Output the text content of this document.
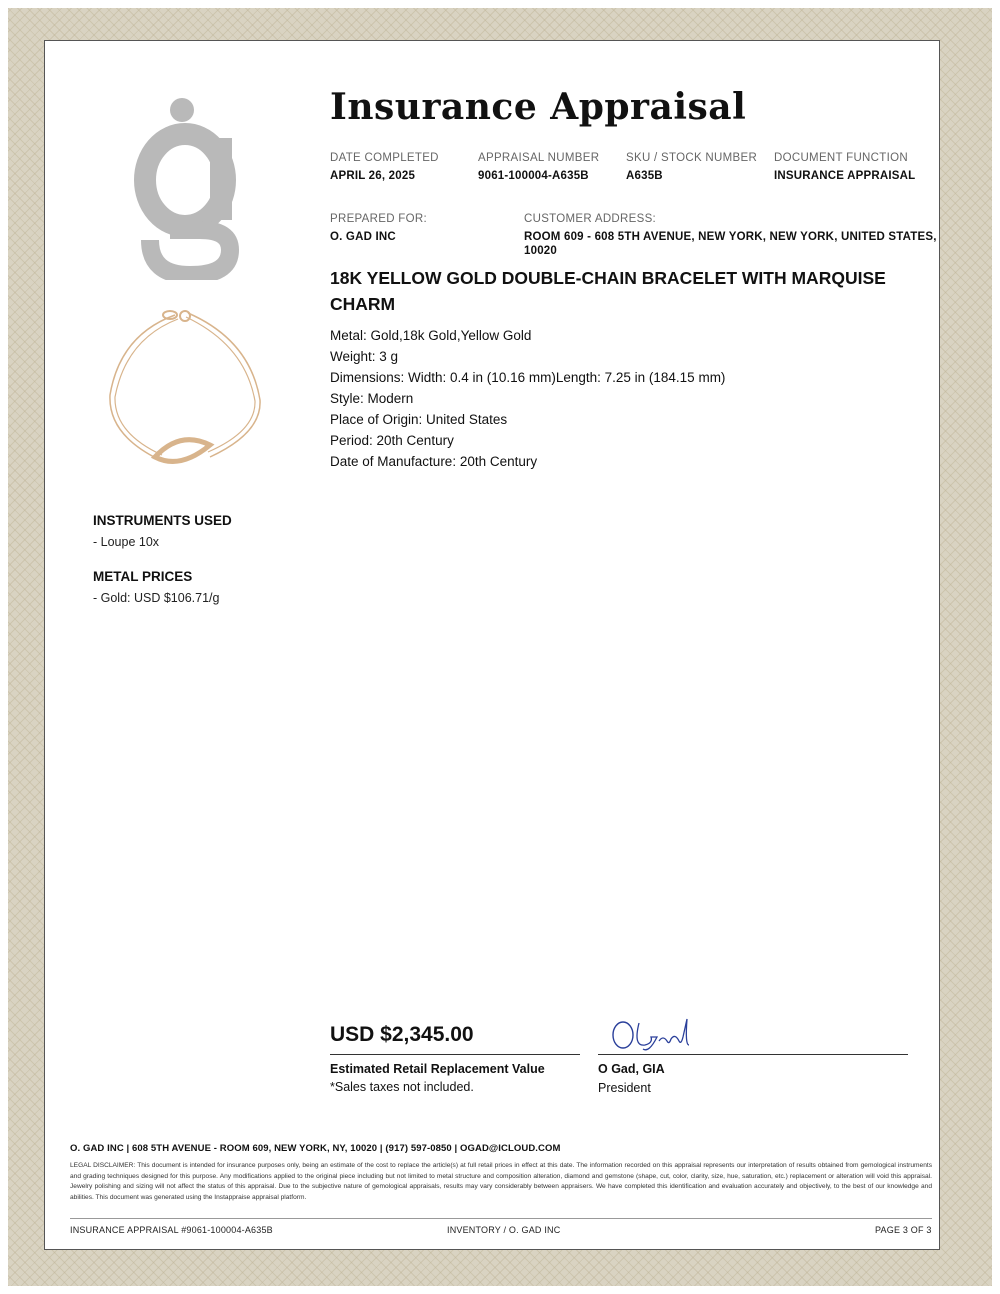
Insurance Appraisal
DATE COMPLETED
APRIL 26, 2025
APPRAISAL NUMBER
9061-100004-A635B
SKU / STOCK NUMBER
A635B
DOCUMENT FUNCTION
INSURANCE APPRAISAL
PREPARED FOR:
O. GAD INC
CUSTOMER ADDRESS:
ROOM 609 - 608 5TH AVENUE, NEW YORK, NEW YORK, UNITED STATES,
10020
18K YELLOW GOLD DOUBLE-CHAIN BRACELET WITH MARQUISE CHARM
Metal: Gold,18k Gold,Yellow Gold
Weight: 3 g
Dimensions: Width: 0.4 in (10.16 mm)Length: 7.25 in (184.15 mm)
Style: Modern
Place of Origin: United States
Period: 20th Century
Date of Manufacture: 20th Century
INSTRUMENTS USED
- Loupe 10x
METAL PRICES
- Gold: USD $106.71/g
USD $2,345.00
Estimated Retail Replacement Value
*Sales taxes not included.
O Gad, GIA
President
O. GAD INC | 608 5TH AVENUE - ROOM 609, NEW YORK, NY, 10020 | (917) 597-0850 | OGAD@ICLOUD.COM
LEGAL DISCLAIMER: This document is intended for insurance purposes only, being an estimate of the cost to replace the article(s) at full retail prices in effect at this date. The information recorded on this appraisal represents our interpretation of results obtained from gemological instruments and grading techniques designed for this purpose. Any modifications applied to the original piece including but not limited to metal structure and composition alteration, diamond and gemstone (shape, cut, color, clarity, size, hue, saturation, etc.) replacement or alteration will void this appraisal. Jewelry polishing and sizing will not affect the status of this appraisal. Due to the subjective nature of gemological appraisals, results may vary considerably between appraisers. We have completed this identification and evaluation accurately and objectively, to the best of our knowledge and abilities. This document was generated using the Instappraise appraisal platform.
INSURANCE APPRAISAL #9061-100004-A635B	INVENTORY / O. GAD INC	PAGE 3 OF 3
